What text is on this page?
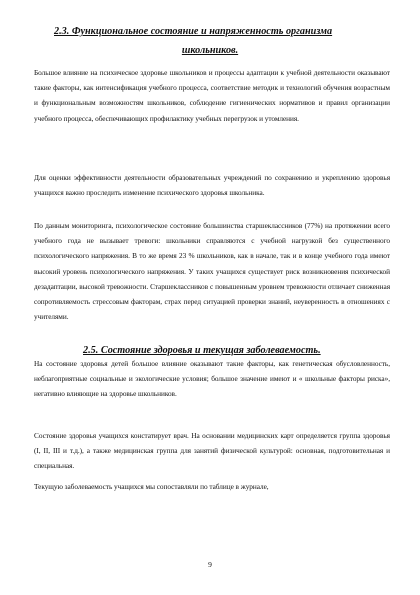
2.3. Функциональное состояние и напряженность организма

школьников.

Большое влияние на психическое здоровье школьников и процессы адаптации к учебной деятельности оказывают такие факторы, как интенсификация учебного процесса, соответствие методик и технологий обучения возрастным и функциональным возможностям школьников, соблюдение гигиенических нормативов и правил организации учебного процесса, обеспечивающих профилактику учебных перегрузок и утомления.

Для оценки эффективности деятельности образовательных учреждений по сохранению и укреплению здоровья учащихся важно проследить изменение психического здоровья школьника.

По данным мониторинга, психологическое состояние большинства старшеклассников (77%) на протяжении всего учебного года не вызывает тревоги: школьники справляются с учебной нагрузкой без существенного психологического напряжения. В то же время 23 % школьников, как в начале, так и в конце учебного года имеют высокий уровень психологического напряжения. У таких учащихся существует риск возникновения психической дезадаптации, высокой тревожности. Старшеклассников с повышенным уровнем тревожности отличает сниженная сопротивляемость стрессовым факторам, страх перед ситуацией проверки знаний, неуверенность в отношениях с учителями.

2.5. Состояние здоровья и текущая заболеваемость.

На состояние здоровья детей большое влияние оказывают такие факторы, как генетическая обусловленность, неблагоприятные социальные и экологические условия; большое значение имеют и « школьные факторы риска», негативно влияющие на здоровье школьников.

Состояние здоровья учащихся констатирует врач. На основании медицинских карт определяется группа здоровья (I, II, III и т.д.), а также медицинская группа для занятий физической культурой: основная, подготовительная и специальная.

Текущую заболеваемость учащихся мы сопоставляли по таблице в журнале,

9
